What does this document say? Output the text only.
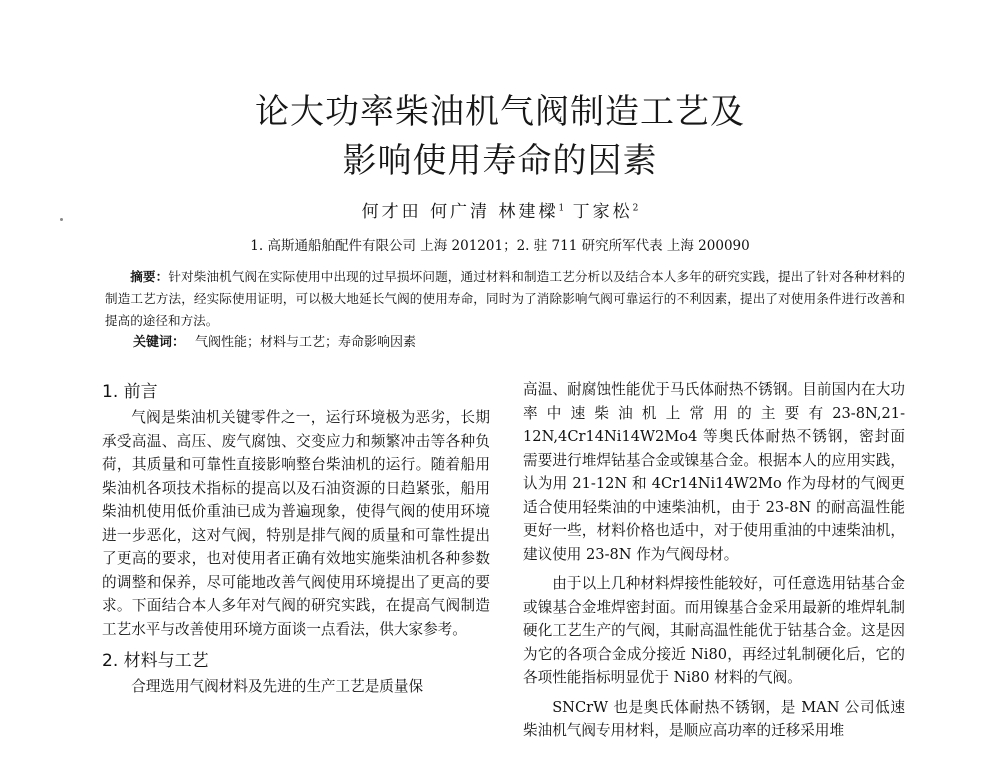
论大功率柴油机气阀制造工艺及
影响使用寿命的因素
何才田 何广清 林建樑$^1$ 丁家松$^2$
1. 高斯通船舶配件有限公司 上海 201201；2. 驻 711 研究所军代表 上海 200090
摘要：针对柴油机气阀在实际使用中出现的过早损坏问题，通过材料和制造工艺分析以及结合本人多年的研究实践，提出了针对各种材料的制造工艺方法，经实际使用证明，可以极大地延长气阀的使用寿命，同时为了消除影响气阀可靠运行的不利因素，提出了对使用条件进行改善和提高的途径和方法。
关键词： 气阀性能；材料与工艺；寿命影响因素
1. 前言

气阀是柴油机关键零件之一，运行环境极为恶劣，长期承受高温、高压、废气腐蚀、交变应力和频繁冲击等各种负荷，其质量和可靠性直接影响整台柴油机的运行。随着船用柴油机各项技术指标的提高以及石油资源的日趋紧张，船用柴油机使用低价重油已成为普遍现象，使得气阀的使用环境进一步恶化，这对气阀，特别是排气阀的质量和可靠性提出了更高的要求，也对使用者正确有效地实施柴油机各种参数的调整和保养，尽可能地改善气阀使用环境提出了更高的要求。下面结合本人多年对气阀的研究实践，在提高气阀制造工艺水平与改善使用环境方面谈一点看法，供大家参考。

2. 材料与工艺

合理选用气阀材料及先进的生产工艺是质量保

高温、耐腐蚀性能优于马氏体耐热不锈钢。目前国内在大功率中速柴油机上常用的主要有23-8N,21-12N,4Cr14Ni14W2Mo4 等奥氏体耐热不锈钢，密封面需要进行堆焊钴基合金或镍基合金。根据本人的应用实践，认为用 21-12N 和 4Cr14Ni14W2Mo 作为母材的气阀更适合使用轻柴油的中速柴油机，由于 23-8N 的耐高温性能更好一些，材料价格也适中，对于使用重油的中速柴油机，建议使用 23-8N 作为气阀母材。

由于以上几种材料焊接性能较好，可任意选用钴基合金或镍基合金堆焊密封面。而用镍基合金采用最新的堆焊轧制硬化工艺生产的气阀，其耐高温性能优于钴基合金。这是因为它的各项合金成分接近 Ni80，再经过轧制硬化后，它的各项性能指标明显优于 Ni80 材料的气阀。

SNCrW 也是奥氏体耐热不锈钢，是 MAN 公司低速柴油机气阀专用材料，是顺应高功率的迁移采用堆
